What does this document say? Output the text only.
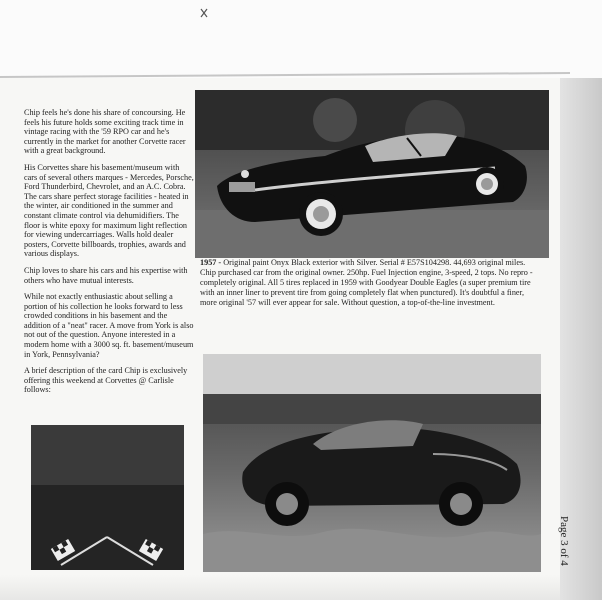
Chip feels he's done his share of concoursing. He feels his future holds some exciting track time in vintage racing with the '59 RPO car and he's currently in the market for another Corvette racer with a great background.

His Corvettes share his basement/museum with cars of several others marques - Mercedes, Porsche, Ford Thunderbird, Chevrolet, and an A.C. Cobra. The cars share perfect storage facilities - heated in the winter, air conditioned in the summer and constant climate control via dehumidifiers. The floor is white epoxy for maximum light reflection for viewing undercarriages. Walls hold dealer posters, Corvette billboards, trophies, awards and various displays.

Chip loves to share his cars and his expertise with others who have mutual interests.

While not exactly enthusiastic about selling a portion of his collection he looks forward to less crowded conditions in his basement and the addition of a "neat" racer. A move from York is also not out of the question. Anyone interested in a modern home with a 3000 sq. ft. basement/museum in York, Pennsylvania?

A brief description of the card Chip is exclusively offering this weekend at Corvettes @ Carlisle follows:

1957 - Original paint Onyx Black exterior with Silver. Serial # E57S104298. 44,693 original miles. Chip purchased car from the original owner. 250hp. Fuel Injection engine, 3-speed, 2 tops. No repro - completely original. All 5 tires replaced in 1959 with Goodyear Double Eagles (a super premium tire with an inner liner to prevent tire from going completely flat when punctured). It's doubtful a finer, more original '57 will ever appear for sale. Without question, a top-of-the-line investment.
Page 3 of 4
